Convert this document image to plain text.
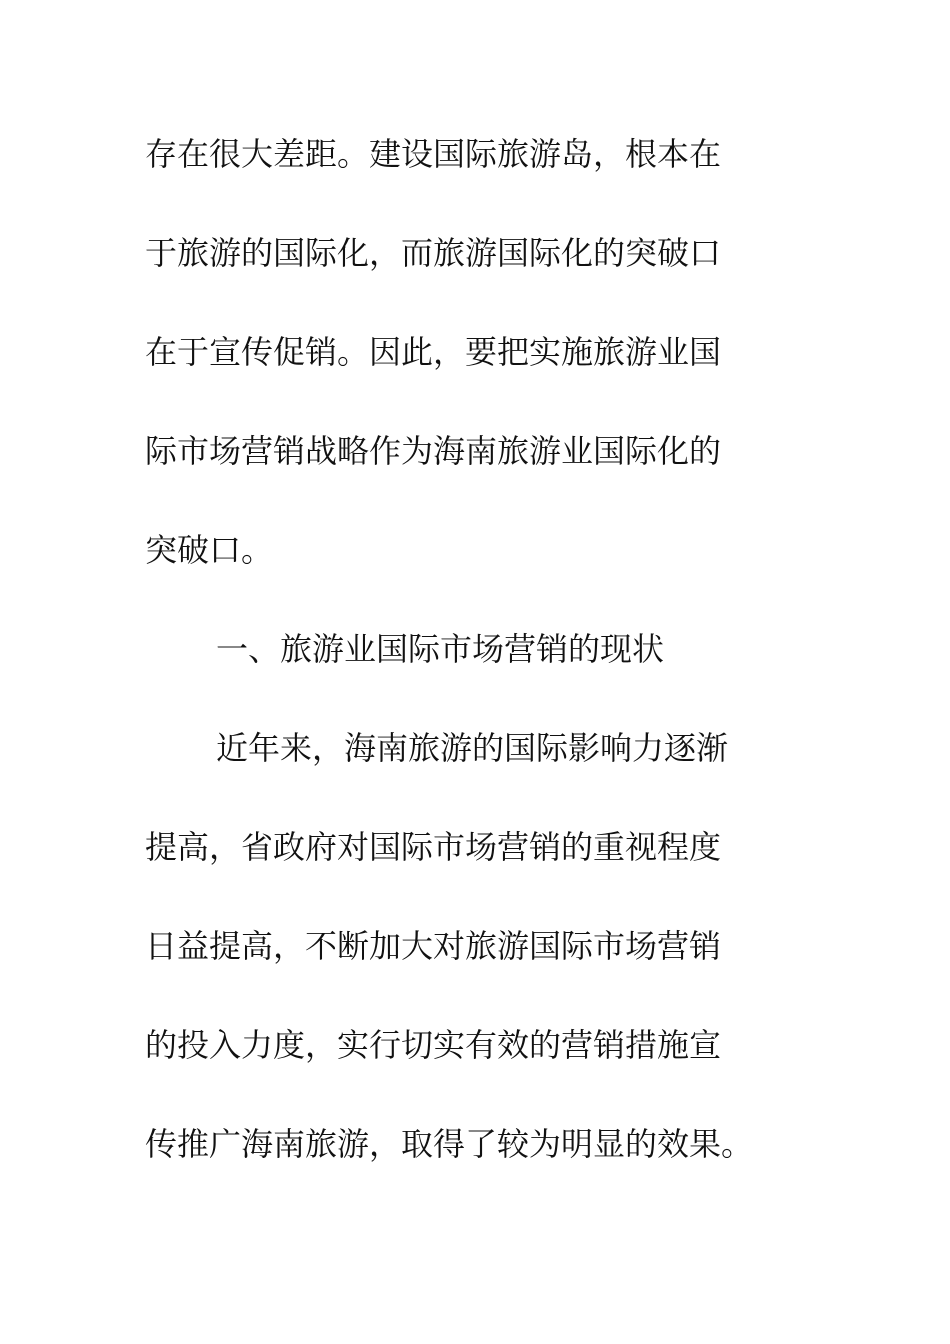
存在很大差距。建设国际旅游岛，根本在
于旅游的国际化，而旅游国际化的突破口
在于宣传促销。因此，要把实施旅游业国
际市场营销战略作为海南旅游业国际化的
突破口。
一、旅游业国际市场营销的现状
近年来，海南旅游的国际影响力逐渐
提高，省政府对国际市场营销的重视程度
日益提高，不断加大对旅游国际市场营销
的投入力度，实行切实有效的营销措施宣
传推广海南旅游，取得了较为明显的效果。
